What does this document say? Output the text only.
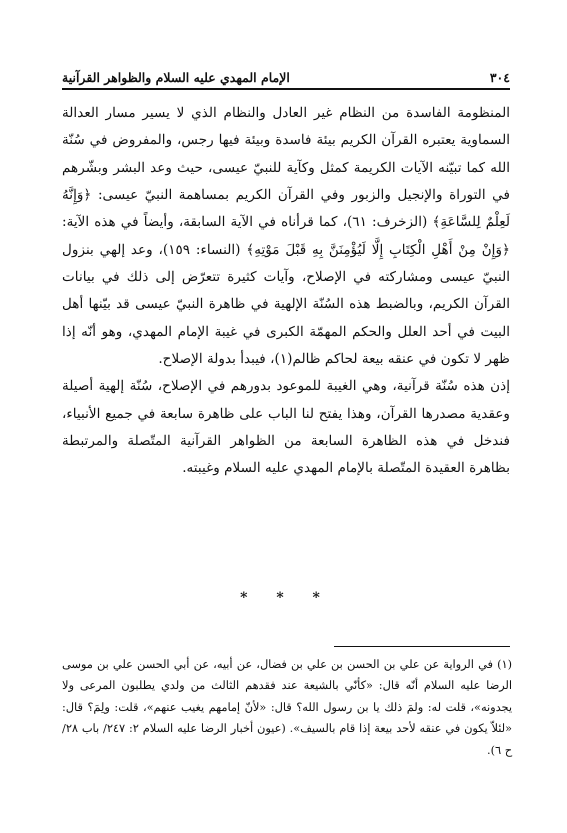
٣٠٤
الإمام المهدي عليه السلام والظواهر القرآنية

المنظومة الفاسدة من النظام غير العادل والنظام الذي لا يسير مسار العدالة السماوية يعتبره القرآن الكريم بيئة فاسدة وبيئة فيها رجس، والمفروض في سُنّة الله كما تبيّنه الآيات الكريمة كمثل وكآية للنبيّ عيسى، حيث وعد البشر وبشّرهم في التوراة والإنجيل والزبور وفي القرآن الكريم بمساهمة النبيّ عيسى: ﴿وَإِنَّهُ لَعِلْمٌ لِلسَّاعَةِ﴾ (الزخرف: ٦١)، كما قرأناه في الآية السابقة، وأيضاً في هذه الآية: ﴿وَإِنْ مِنْ أَهْلِ الْكِتَابِ إِلَّا لَيُؤْمِنَنَّ بِهِ قَبْلَ مَوْتِهِ﴾ (النساء: ١٥٩)، وعد إلهي بنزول النبيّ عيسى ومشاركته في الإصلاح، وآيات كثيرة تتعرّض إلى ذلك في بيانات القرآن الكريم، وبالضبط هذه السُنّة الإلهية في ظاهرة النبيّ عيسى قد بيّنها أهل البيت في أحد العلل والحكم المهمّة الكبرى في غيبة الإمام المهدي، وهو أنّه إذا ظهر لا تكون في عنقه بيعة لحاكم ظالم(١)، فيبدأ بدولة الإصلاح.

إذن هذه سُنّة قرآنية، وهي الغيبة للموعود بدورهم في الإصلاح، سُنّة إلهية أصيلة وعقدية مصدرها القرآن، وهذا يفتح لنا الباب على ظاهرة سابعة في جميع الأنبياء، فندخل في هذه الظاهرة السابعة من الظواهر القرآنية المتّصلة والمرتبطة بظاهرة العقيدة المتّصلة بالإمام المهدي عليه السلام وغيبته.

* * *

(١) في الرواية عن علي بن الحسن بن علي بن فضال، عن أبيه، عن أبي الحسن علي بن موسى الرضا عليه السلام أنّه قال: «كأنّي بالشيعة عند فقدهم الثالث من ولدي يطلبون المرعى ولا يجدونه»، قلت له: ولمَ ذلك يا بن رسول الله؟ قال: «لأنّ إمامهم يغيب عنهم»، قلت: ولِمَ؟ قال: «لئلاّ يكون في عنقه لأحد بيعة إذا قام بالسيف». (عيون أخبار الرضا عليه السلام ٢: ٢٤٧/ باب ٢٨/ ح ٦).
